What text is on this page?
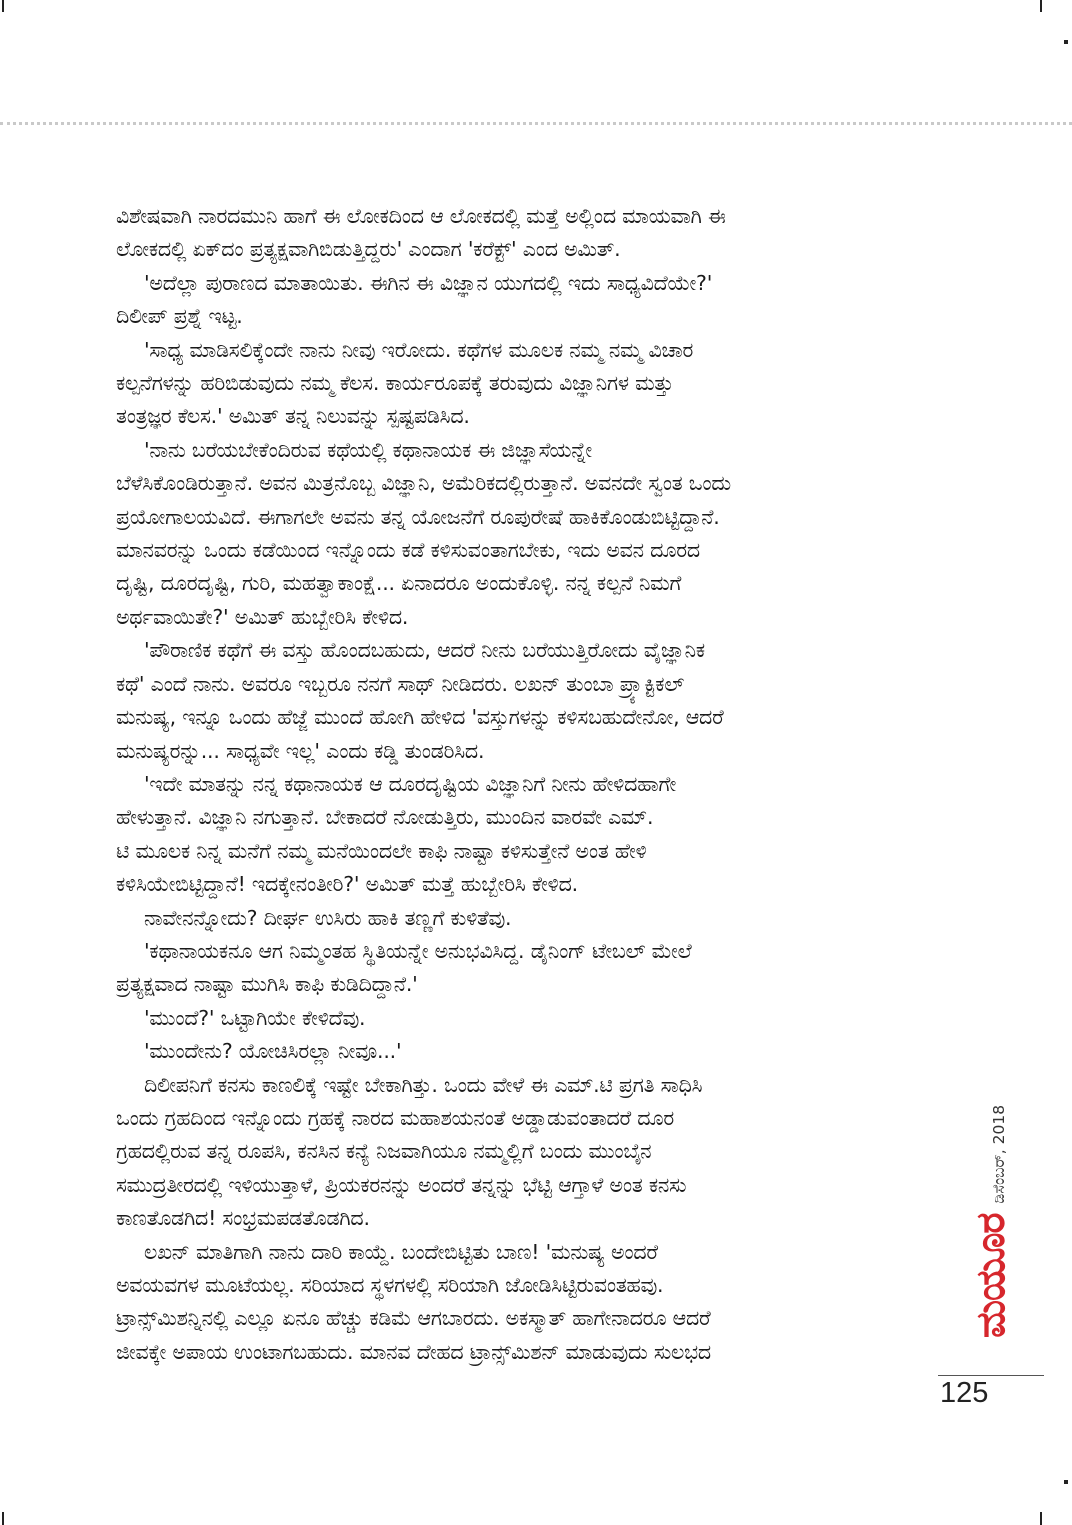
ವಿಶೇಷವಾಗಿ ನಾರದಮುನಿ ಹಾಗೆ ಈ ಲೋಕದಿಂದ ಆ ಲೋಕದಲ್ಲಿ ಮತ್ತೆ ಅಲ್ಲಿಂದ ಮಾಯವಾಗಿ ಈ

ಲೋಕದಲ್ಲಿ ಏಕ್‌ದಂ ಪ್ರತ್ಯಕ್ಷವಾಗಿಬಿಡುತ್ತಿದ್ದರು' ಎಂದಾಗ 'ಕರೆಕ್ಟ್' ಎಂದ ಅಮಿತ್.

'ಅದೆಲ್ಲಾ ಪುರಾಣದ ಮಾತಾಯಿತು. ಈಗಿನ ಈ ವಿಜ್ಞಾನ ಯುಗದಲ್ಲಿ ಇದು ಸಾಧ್ಯವಿದೆಯೇ?'

ದಿಲೀಪ್ ಪ್ರಶ್ನೆ ಇಟ್ಟ.

'ಸಾಧ್ಯ ಮಾಡಿಸಲಿಕ್ಕೆಂದೇ ನಾನು ನೀವು ಇರೋದು. ಕಥೆಗಳ ಮೂಲಕ ನಮ್ಮ ನಮ್ಮ ವಿಚಾರ

ಕಲ್ಪನೆಗಳನ್ನು ಹರಿಬಿಡುವುದು ನಮ್ಮ ಕೆಲಸ. ಕಾರ್ಯರೂಪಕ್ಕೆ ತರುವುದು ವಿಜ್ಞಾನಿಗಳ ಮತ್ತು

ತಂತ್ರಜ್ಞರ ಕೆಲಸ.' ಅಮಿತ್ ತನ್ನ ನಿಲುವನ್ನು ಸ್ಪಷ್ಟಪಡಿಸಿದ.

'ನಾನು ಬರೆಯಬೇಕೆಂದಿರುವ ಕಥೆಯಲ್ಲಿ ಕಥಾನಾಯಕ ಈ ಜಿಜ್ಞಾಸೆಯನ್ನೇ

ಬೆಳೆಸಿಕೊಂಡಿರುತ್ತಾನೆ. ಅವನ ಮಿತ್ರನೊಬ್ಬ ವಿಜ್ಞಾನಿ, ಅಮೆರಿಕದಲ್ಲಿರುತ್ತಾನೆ. ಅವನದೇ ಸ್ವಂತ ಒಂದು

ಪ್ರಯೋಗಾಲಯವಿದೆ. ಈಗಾಗಲೇ ಅವನು ತನ್ನ ಯೋಜನೆಗೆ ರೂಪುರೇಷೆ ಹಾಕಿಕೊಂಡುಬಿಟ್ಟಿದ್ದಾನೆ.

ಮಾನವರನ್ನು ಒಂದು ಕಡೆಯಿಂದ ಇನ್ನೊಂದು ಕಡೆ ಕಳಿಸುವಂತಾಗಬೇಕು, ಇದು ಅವನ ದೂರದ

ದೃಷ್ಟಿ, ದೂರದೃಷ್ಟಿ, ಗುರಿ, ಮಹತ್ವಾಕಾಂಕ್ಷೆ... ಏನಾದರೂ ಅಂದುಕೊಳ್ಳಿ. ನನ್ನ ಕಲ್ಪನೆ ನಿಮಗೆ

ಅರ್ಥವಾಯಿತೇ?' ಅಮಿತ್ ಹುಬ್ಬೇರಿಸಿ ಕೇಳಿದ.

'ಪೌರಾಣಿಕ ಕಥೆಗೆ ಈ ವಸ್ತು ಹೊಂದಬಹುದು, ಆದರೆ ನೀನು ಬರೆಯುತ್ತಿರೋದು ವೈಜ್ಞಾನಿಕ

ಕಥೆ' ಎಂದೆ ನಾನು. ಅವರೂ ಇಬ್ಬರೂ ನನಗೆ ಸಾಥ್ ನೀಡಿದರು. ಲಖನ್ ತುಂಬಾ ಪ್ರ್ಯಾಕ್ಟಿಕಲ್

ಮನುಷ್ಯ, ಇನ್ನೂ ಒಂದು ಹೆಜ್ಜೆ ಮುಂದೆ ಹೋಗಿ ಹೇಳಿದ 'ವಸ್ತುಗಳನ್ನು ಕಳಿಸಬಹುದೇನೋ, ಆದರೆ

ಮನುಷ್ಯರನ್ನು... ಸಾಧ್ಯವೇ ಇಲ್ಲ' ಎಂದು ಕಡ್ಡಿ ತುಂಡರಿಸಿದ.

'ಇದೇ ಮಾತನ್ನು ನನ್ನ ಕಥಾನಾಯಕ ಆ ದೂರದೃಷ್ಟಿಯ ವಿಜ್ಞಾನಿಗೆ ನೀನು ಹೇಳಿದಹಾಗೇ

ಹೇಳುತ್ತಾನೆ. ವಿಜ್ಞಾನಿ ನಗುತ್ತಾನೆ. ಬೇಕಾದರೆ ನೋಡುತ್ತಿರು, ಮುಂದಿನ ವಾರವೇ ಎಮ್.

ಟಿ ಮೂಲಕ ನಿನ್ನ ಮನೆಗೆ ನಮ್ಮ ಮನೆಯಿಂದಲೇ ಕಾಫಿ ನಾಷ್ಟಾ ಕಳಿಸುತ್ತೇನೆ ಅಂತ ಹೇಳಿ

ಕಳಿಸಿಯೇಬಿಟ್ಟಿದ್ದಾನೆ! ಇದಕ್ಕೇನಂತೀರಿ?' ಅಮಿತ್ ಮತ್ತೆ ಹುಬ್ಬೇರಿಸಿ ಕೇಳಿದ.

ನಾವೇನನ್ನೋದು? ದೀರ್ಘ ಉಸಿರು ಹಾಕಿ ತಣ್ಣಗೆ ಕುಳಿತೆವು.

'ಕಥಾನಾಯಕನೂ ಆಗ ನಿಮ್ಮಂತಹ ಸ್ಥಿತಿಯನ್ನೇ ಅನುಭವಿಸಿದ್ದ. ಡೈನಿಂಗ್ ಟೇಬಲ್ ಮೇಲೆ

ಪ್ರತ್ಯಕ್ಷವಾದ ನಾಷ್ಟಾ ಮುಗಿಸಿ ಕಾಫಿ ಕುಡಿದಿದ್ದಾನೆ.'

'ಮುಂದೆ?' ಒಟ್ಟಾಗಿಯೇ ಕೇಳಿದೆವು.

'ಮುಂದೇನು? ಯೋಚಿಸಿರಲ್ಲಾ ನೀವೂ...'

ದಿಲೀಪನಿಗೆ ಕನಸು ಕಾಣಲಿಕ್ಕೆ ಇಷ್ಟೇ ಬೇಕಾಗಿತ್ತು. ಒಂದು ವೇಳೆ ಈ ಎಮ್.ಟಿ ಪ್ರಗತಿ ಸಾಧಿಸಿ

ಒಂದು ಗ್ರಹದಿಂದ ಇನ್ನೊಂದು ಗ್ರಹಕ್ಕೆ ನಾರದ ಮಹಾಶಯನಂತೆ ಅಡ್ಡಾಡುವಂತಾದರೆ ದೂರ

ಗ್ರಹದಲ್ಲಿರುವ ತನ್ನ ರೂಪಸಿ, ಕನಸಿನ ಕನ್ಯೆ ನಿಜವಾಗಿಯೂ ನಮ್ಮಲ್ಲಿಗೆ ಬಂದು ಮುಂಬೈನ

ಸಮುದ್ರತೀರದಲ್ಲಿ ಇಳಿಯುತ್ತಾಳೆ, ಪ್ರಿಯಕರನನ್ನು ಅಂದರೆ ತನ್ನನ್ನು ಭೆಟ್ಟಿ ಆಗ್ತಾಳೆ ಅಂತ ಕನಸು

ಕಾಣತೊಡಗಿದ! ಸಂಭ್ರಮಪಡತೊಡಗಿದ.

ಲಖನ್ ಮಾತಿಗಾಗಿ ನಾನು ದಾರಿ ಕಾಯ್ದೆ. ಬಂದೇಬಿಟ್ಟಿತು ಬಾಣ! 'ಮನುಷ್ಯ ಅಂದರೆ

ಅವಯವಗಳ ಮೂಟೆಯಲ್ಲ. ಸರಿಯಾದ ಸ್ಥಳಗಳಲ್ಲಿ ಸರಿಯಾಗಿ ಜೋಡಿಸಿಟ್ಟಿರುವಂತಹವು.

ಟ್ರಾನ್ಸ್‌ಮಿಶನ್ನಿನಲ್ಲಿ ಎಲ್ಲೂ ಏನೂ ಹೆಚ್ಚು ಕಡಿಮೆ ಆಗಬಾರದು. ಅಕಸ್ಮಾತ್ ಹಾಗೇನಾದರೂ ಆದರೆ

ಜೀವಕ್ಕೇ ಅಪಾಯ ಉಂಟಾಗಬಹುದು. ಮಾನವ ದೇಹದ ಟ್ರಾನ್ಸ್‌ಮಿಶನ್ ಮಾಡುವುದು ಸುಲಭದ

ಮಯೂರ
ಡಿಸೆಂಬರ್, 2018
125
